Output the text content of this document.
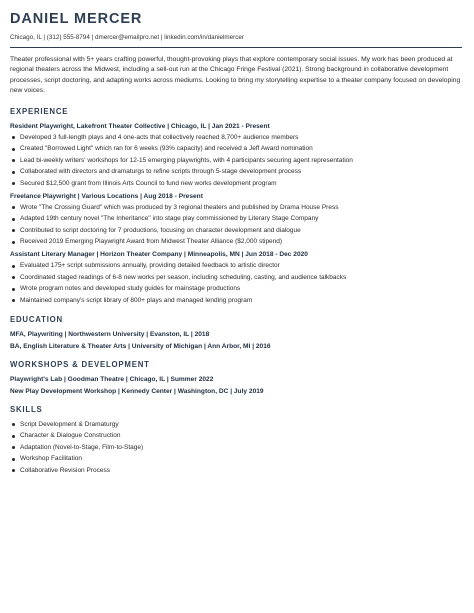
DANIEL MERCER
Chicago, IL | (312) 555-8794 | dmercer@emailpro.net | linkedin.com/in/danielmercer
Theater professional with 5+ years crafting powerful, thought-provoking plays that explore contemporary social issues. My work has been produced at regional theaters across the Midwest, including a sell-out run at the Chicago Fringe Festival (2021). Strong background in collaborative development processes, script doctoring, and adapting works across mediums. Looking to bring my storytelling expertise to a theater company focused on developing new voices.
EXPERIENCE
Resident Playwright, Lakefront Theater Collective | Chicago, IL | Jan 2021 - Present
Developed 3 full-length plays and 4 one-acts that collectively reached 8,700+ audience members
Created "Borrowed Light" which ran for 6 weeks (93% capacity) and received a Jeff Award nomination
Lead bi-weekly writers' workshops for 12-15 emerging playwrights, with 4 participants securing agent representation
Collaborated with directors and dramaturgs to refine scripts through 5-stage development process
Secured $12,500 grant from Illinois Arts Council to fund new works development program
Freelance Playwright | Various Locations | Aug 2018 - Present
Wrote "The Crossing Guard" which was produced by 3 regional theaters and published by Drama House Press
Adapted 19th century novel "The Inheritance" into stage play commissioned by Literary Stage Company
Contributed to script doctoring for 7 productions, focusing on character development and dialogue
Received 2019 Emerging Playwright Award from Midwest Theater Alliance ($2,000 stipend)
Assistant Literary Manager | Horizon Theater Company | Minneapolis, MN | Jun 2018 - Dec 2020
Evaluated 175+ script submissions annually, providing detailed feedback to artistic director
Coordinated staged readings of 6-8 new works per season, including scheduling, casting, and audience talkbacks
Wrote program notes and developed study guides for mainstage productions
Maintained company's script library of 800+ plays and managed lending program
EDUCATION
MFA, Playwriting | Northwestern University | Evanston, IL | 2018
BA, English Literature & Theater Arts | University of Michigan | Ann Arbor, MI | 2016
WORKSHOPS & DEVELOPMENT
Playwright's Lab | Goodman Theatre | Chicago, IL | Summer 2022
New Play Development Workshop | Kennedy Center | Washington, DC | July 2019
SKILLS
Script Development & Dramaturgy
Character & Dialogue Construction
Adaptation (Novel-to-Stage, Film-to-Stage)
Workshop Facilitation
Collaborative Revision Process
